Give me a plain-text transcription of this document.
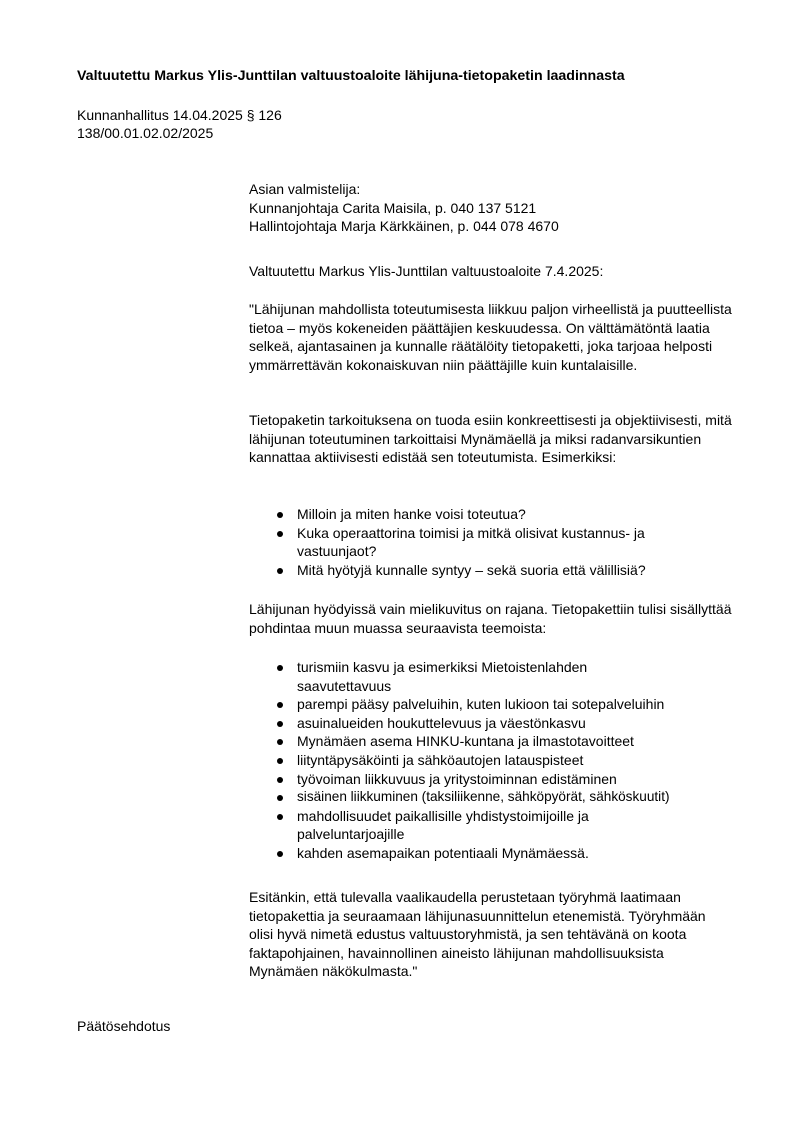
Valtuutettu Markus Ylis-Junttilan valtuustoaloite lähijuna-tietopaketin laadinnasta
Kunnanhallitus 14.04.2025 § 126
138/00.01.02.02/2025

Asian valmistelija:

Kunnanjohtaja Carita Maisila, p. 040 137 5121

Hallintojohtaja Marja Kärkkäinen, p. 044 078 4670

Valtuutettu Markus Ylis-Junttilan valtuustoaloite 7.4.2025:
"Lähijunan mahdollista toteutumisesta liikkuu paljon virheellistä ja puutteellista tietoa – myös kokeneiden päättäjien keskuudessa. On välttämätöntä laatia selkeä, ajantasainen ja kunnalle räätälöity tietopaketti, joka tarjoaa helposti ymmärrettävän kokonaiskuvan niin päättäjille kuin kuntalaisille.
Tietopaketin tarkoituksena on tuoda esiin konkreettisesti ja objektiivisesti, mitä lähijunan toteutuminen tarkoittaisi Mynämäellä ja miksi radanvarsikuntien kannattaa aktiivisesti edistää sen toteutumista. Esimerkiksi:
Milloin ja miten hanke voisi toteutua?
Kuka operaattorina toimisi ja mitkä olisivat kustannus- ja vastuunjaot?
Mitä hyötyjä kunnalle syntyy – sekä suoria että välillisiä?
Lähijunan hyödyissä vain mielikuvitus on rajana. Tietopakettiin tulisi sisällyttää pohdintaa muun muassa seuraavista teemoista:
turismiin kasvu ja esimerkiksi Mietoistenlahden saavutettavuus
parempi pääsy palveluihin, kuten lukioon tai sotepalveluihin
asuinalueiden houkuttelevuus ja väestönkasvu
Mynämäen asema HINKU-kuntana ja ilmastotavoitteet
liityntäpysäköinti ja sähköautojen latauspisteet
työvoiman liikkuvuus ja yritystoiminnan edistäminen
sisäinen liikkuminen (taksiliikenne, sähköpyörät, sähköskuutit)
mahdollisuudet paikallisille yhdistystoimijoille ja palveluntarjoajille
kahden asemapaikan potentiaali Mynämäessä.
Esitänkin, että tulevalla vaalikaudella perustetaan työryhmä laatimaan tietopakettia ja seuraamaan lähijunasuunnittelun etenemistä. Työryhmään olisi hyvä nimetä edustus valtuustoryhmistä, ja sen tehtävänä on koota faktapohjainen, havainnollinen aineisto lähijunan mahdollisuuksista Mynämäen näkökulmasta."
Päätösehdotus
